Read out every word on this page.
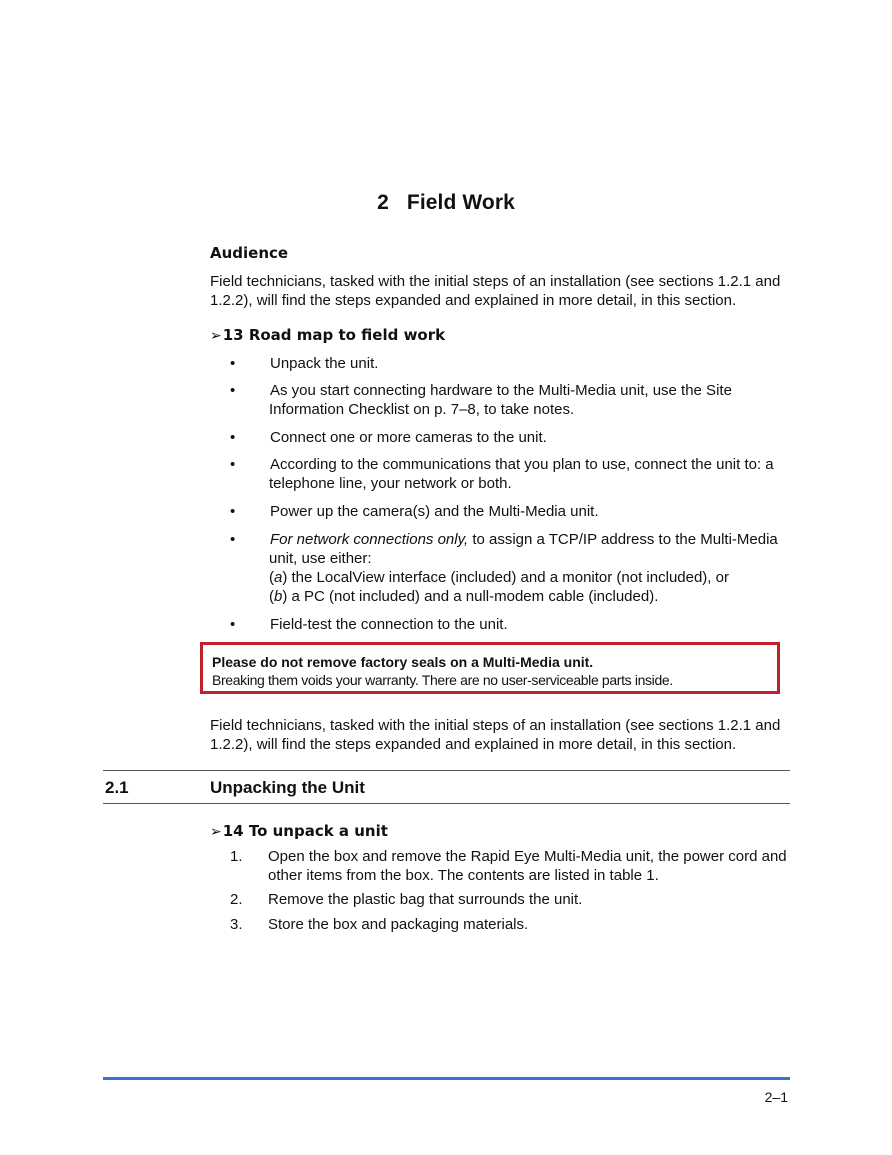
2 Field Work
Audience
Field technicians, tasked with the initial steps of an installation (see sections 1.2.1 and
1.2.2), will find the steps expanded and explained in more detail, in this section.
➢13 Road map to field work
•	Unpack the unit.
•	As you start connecting hardware to the Multi-Media unit, use the Site
Information Checklist on p. 7–8, to take notes.
•	Connect one or more cameras to the unit.
•	According to the communications that you plan to use, connect the unit to: a
telephone line, your network or both.
•	Power up the camera(s) and the Multi-Media unit.
•	For network connections only, to assign a TCP/IP address to the Multi-Media
unit, use either:
(a) the LocalView interface (included) and a monitor (not included), or
(b) a PC (not included) and a null-modem cable (included).
•	Field-test the connection to the unit.
Please do not remove factory seals on a Multi-Media unit.
Breaking them voids your warranty. There are no user-serviceable parts inside.
Field technicians, tasked with the initial steps of an installation (see sections 1.2.1 and
1.2.2), will find the steps expanded and explained in more detail, in this section.
2.1	Unpacking the Unit
➢14 To unpack a unit
1. Open the box and remove the Rapid Eye Multi-Media unit, the power cord and
other items from the box. The contents are listed in table 1.
2. Remove the plastic bag that surrounds the unit.
3. Store the box and packaging materials.
2–1
